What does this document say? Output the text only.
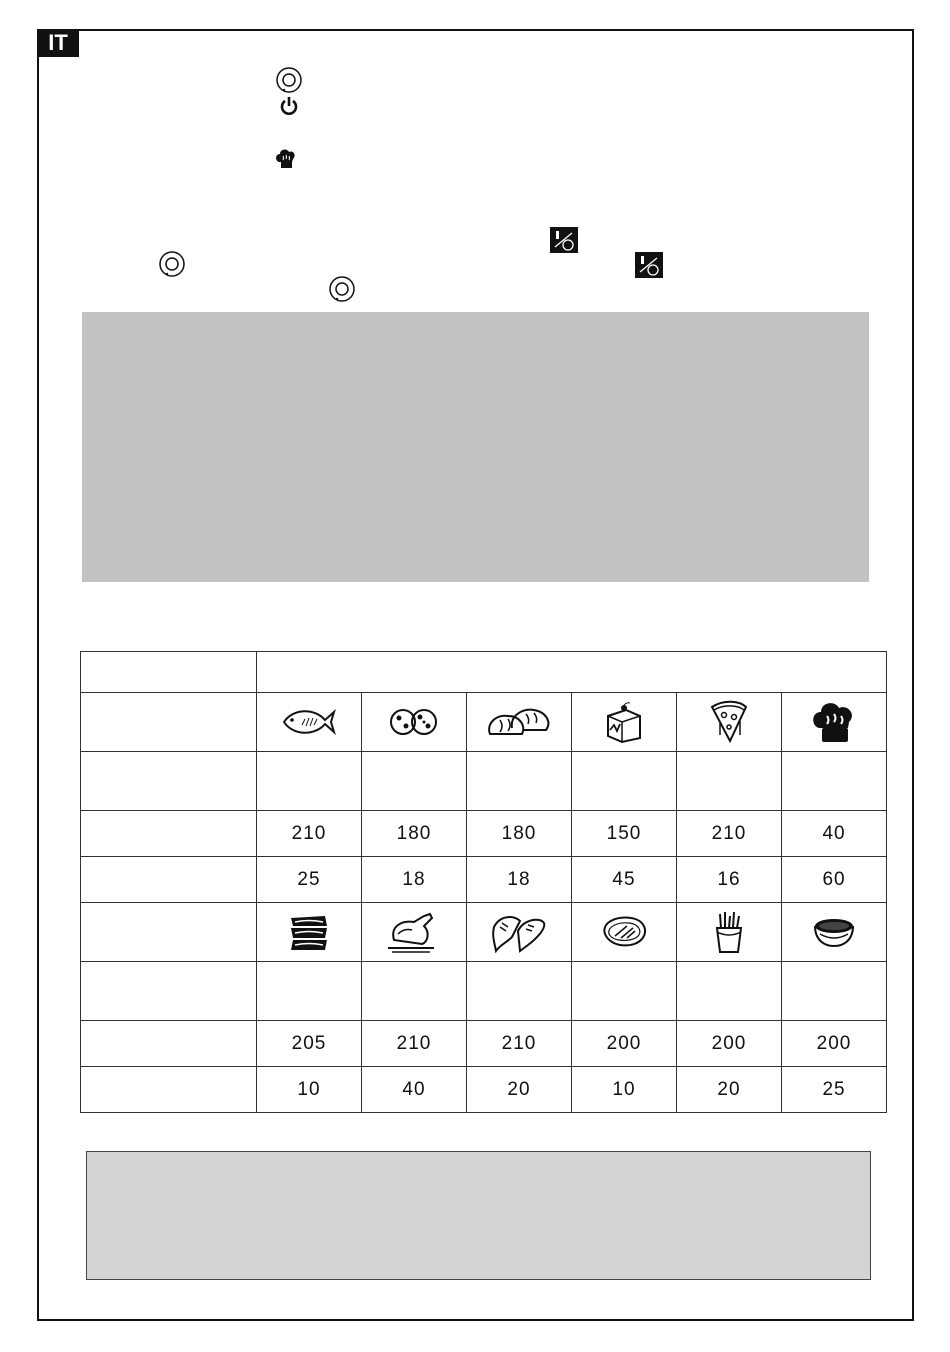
IT

	210	180	180	150	210	40
	25	18	18	45	16	60

	205	210	210	200	200	200
	10	40	20	10	20	25
